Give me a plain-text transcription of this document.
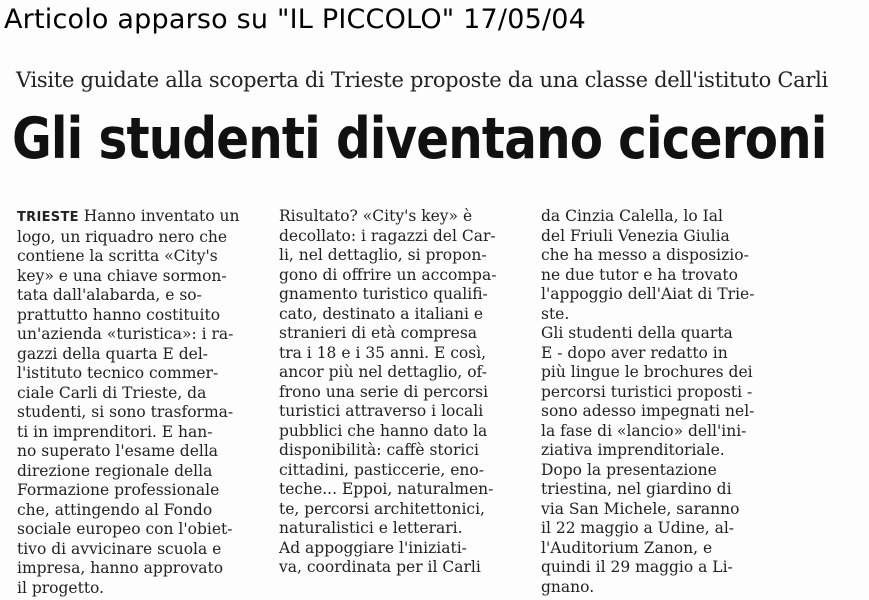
Articolo apparso su "IL PICCOLO" 17/05/04
Visite guidate alla scoperta di Trieste proposte da una classe dell'istituto Carli
Gli studenti diventano ciceroni
TRIESTE Hanno inventato un
logo, un riquadro nero che
contiene la scritta «City's
key» e una chiave sormon-
tata dall'alabarda, e so-
prattutto hanno costituito
un'azienda «turistica»: i ra-
gazzi della quarta E del-
l'istituto tecnico commer-
ciale Carli di Trieste, da
studenti, si sono trasforma-
ti in imprenditori. E han-
no superato l'esame della
direzione regionale della
Formazione professionale
che, attingendo al Fondo
sociale europeo con l'obiet-
tivo di avvicinare scuola e
impresa, hanno approvato
il progetto.
Risultato? «City's key» è
decollato: i ragazzi del Car-
li, nel dettaglio, si propon-
gono di offrire un accompa-
gnamento turistico qualifi-
cato, destinato a italiani e
stranieri di età compresa
tra i 18 e i 35 anni. E così,
ancor più nel dettaglio, of-
frono una serie di percorsi
turistici attraverso i locali
pubblici che hanno dato la
disponibilità: caffè storici
cittadini, pasticcerie, eno-
teche... Eppoi, naturalmen-
te, percorsi architettonici,
naturalistici e letterari.
Ad appoggiare l'iniziati-
va, coordinata per il Carli
da Cinzia Calella, lo Ial
del Friuli Venezia Giulia
che ha messo a disposizio-
ne due tutor e ha trovato
l'appoggio dell'Aiat di Trie-
ste.
Gli studenti della quarta
E - dopo aver redatto in
più lingue le brochures dei
percorsi turistici proposti -
sono adesso impegnati nel-
la fase di «lancio» dell'ini-
ziativa imprenditoriale.
Dopo la presentazione
triestina, nel giardino di
via San Michele, saranno
il 22 maggio a Udine, al-
l'Auditorium Zanon, e
quindi il 29 maggio a Li-
gnano.
